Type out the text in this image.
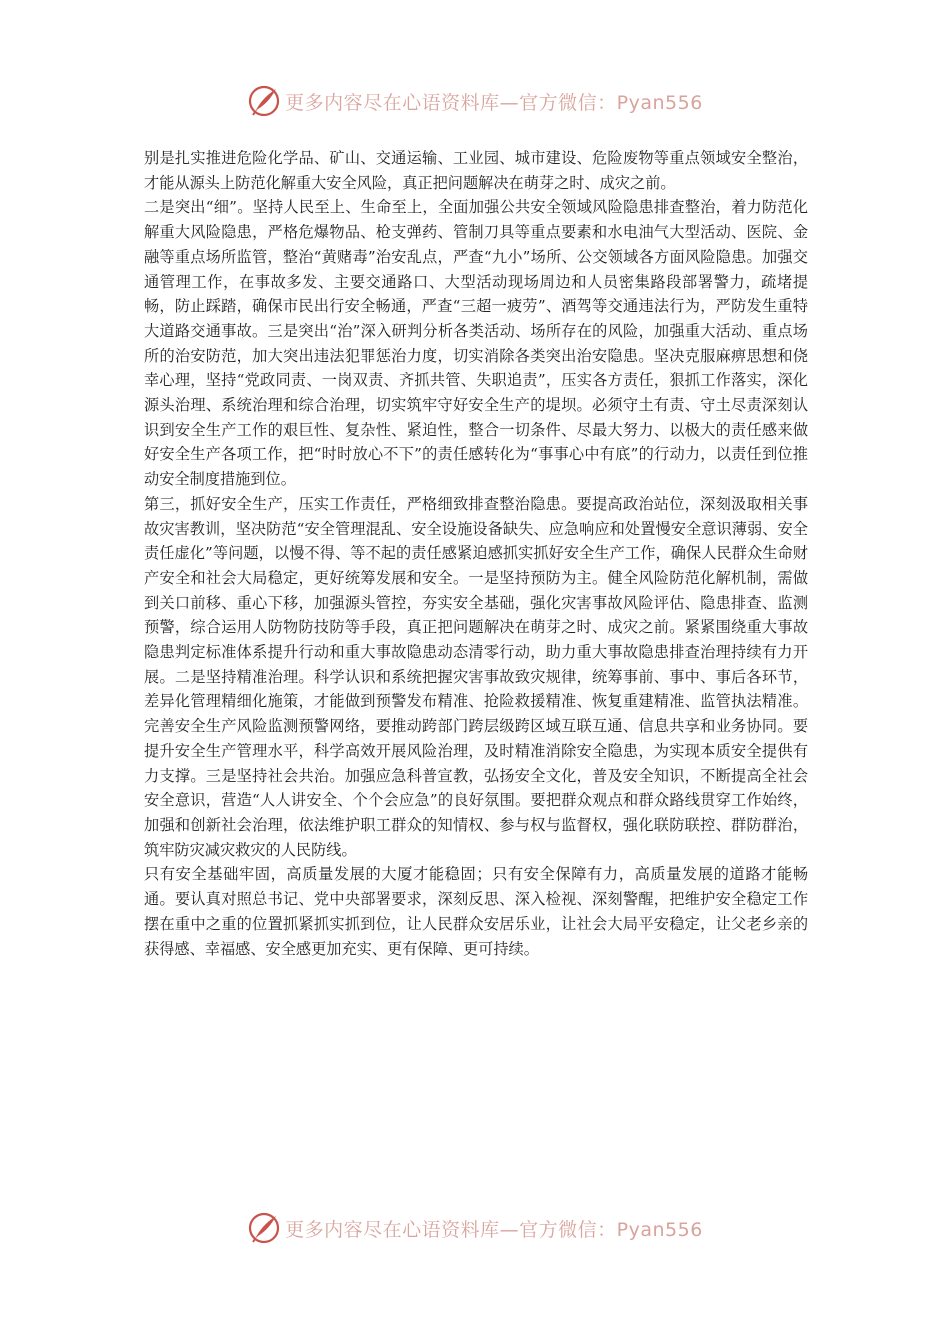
更多内容尽在心语资料库—官方微信：Pyan556

别是扎实推进危险化学品、矿山、交通运输、工业园、城市建设、危险废物等重点领域安全整治，才能从源头上防范化解重大安全风险，真正把问题解决在萌芽之时、成灾之前。

二是突出“细”。坚持人民至上、生命至上，全面加强公共安全领域风险隐患排查整治，着力防范化解重大风险隐患，严格危爆物品、枪支弹药、管制刀具等重点要素和水电油气大型活动、医院、金融等重点场所监管，整治“黄赌毒”治安乱点，严查“九小”场所、公交领域各方面风险隐患。加强交通管理工作，在事故多发、主要交通路口、大型活动现场周边和人员密集路段部署警力，疏堵提畅，防止踩踏，确保市民出行安全畅通，严查“三超一疲劳”、酒驾等交通违法行为，严防发生重特大道路交通事故。三是突出“治”深入研判分析各类活动、场所存在的风险，加强重大活动、重点场所的治安防范，加大突出违法犯罪惩治力度，切实消除各类突出治安隐患。坚决克服麻痹思想和侥幸心理，坚持“党政同责、一岗双责、齐抓共管、失职追责”，压实各方责任，狠抓工作落实，深化源头治理、系统治理和综合治理，切实筑牢守好安全生产的堤坝。必须守土有责、守土尽责深刻认识到安全生产工作的艰巨性、复杂性、紧迫性，整合一切条件、尽最大努力、以极大的责任感来做好安全生产各项工作，把“时时放心不下”的责任感转化为“事事心中有底”的行动力，以责任到位推动安全制度措施到位。

第三，抓好安全生产，压实工作责任，严格细致排查整治隐患。要提高政治站位，深刻汲取相关事故灾害教训，坚决防范“安全管理混乱、安全设施设备缺失、应急响应和处置慢安全意识薄弱、安全责任虚化”等问题，以慢不得、等不起的责任感紧迫感抓实抓好安全生产工作，确保人民群众生命财产安全和社会大局稳定，更好统筹发展和安全。一是坚持预防为主。健全风险防范化解机制，需做到关口前移、重心下移，加强源头管控，夯实安全基础，强化灾害事故风险评估、隐患排查、监测预警，综合运用人防物防技防等手段，真正把问题解决在萌芽之时、成灾之前。紧紧围绕重大事故隐患判定标准体系提升行动和重大事故隐患动态清零行动，助力重大事故隐患排查治理持续有力开展。二是坚持精准治理。科学认识和系统把握灾害事故致灾规律，统筹事前、事中、事后各环节，差异化管理精细化施策，才能做到预警发布精准、抢险救援精准、恢复重建精准、监管执法精准。完善安全生产风险监测预警网络，要推动跨部门跨层级跨区域互联互通、信息共享和业务协同。要提升安全生产管理水平，科学高效开展风险治理，及时精准消除安全隐患，为实现本质安全提供有力支撑。三是坚持社会共治。加强应急科普宣教，弘扬安全文化，普及安全知识，不断提高全社会安全意识，营造“人人讲安全、个个会应急”的良好氛围。要把群众观点和群众路线贯穿工作始终，加强和创新社会治理，依法维护职工群众的知情权、参与权与监督权，强化联防联控、群防群治，筑牢防灾减灾救灾的人民防线。

只有安全基础牢固，高质量发展的大厦才能稳固；只有安全保障有力，高质量发展的道路才能畅通。要认真对照总书记、党中央部署要求，深刻反思、深入检视、深刻警醒，把维护安全稳定工作摆在重中之重的位置抓紧抓实抓到位，让人民群众安居乐业，让社会大局平安稳定，让父老乡亲的获得感、幸福感、安全感更加充实、更有保障、更可持续。

更多内容尽在心语资料库—官方微信：Pyan556
